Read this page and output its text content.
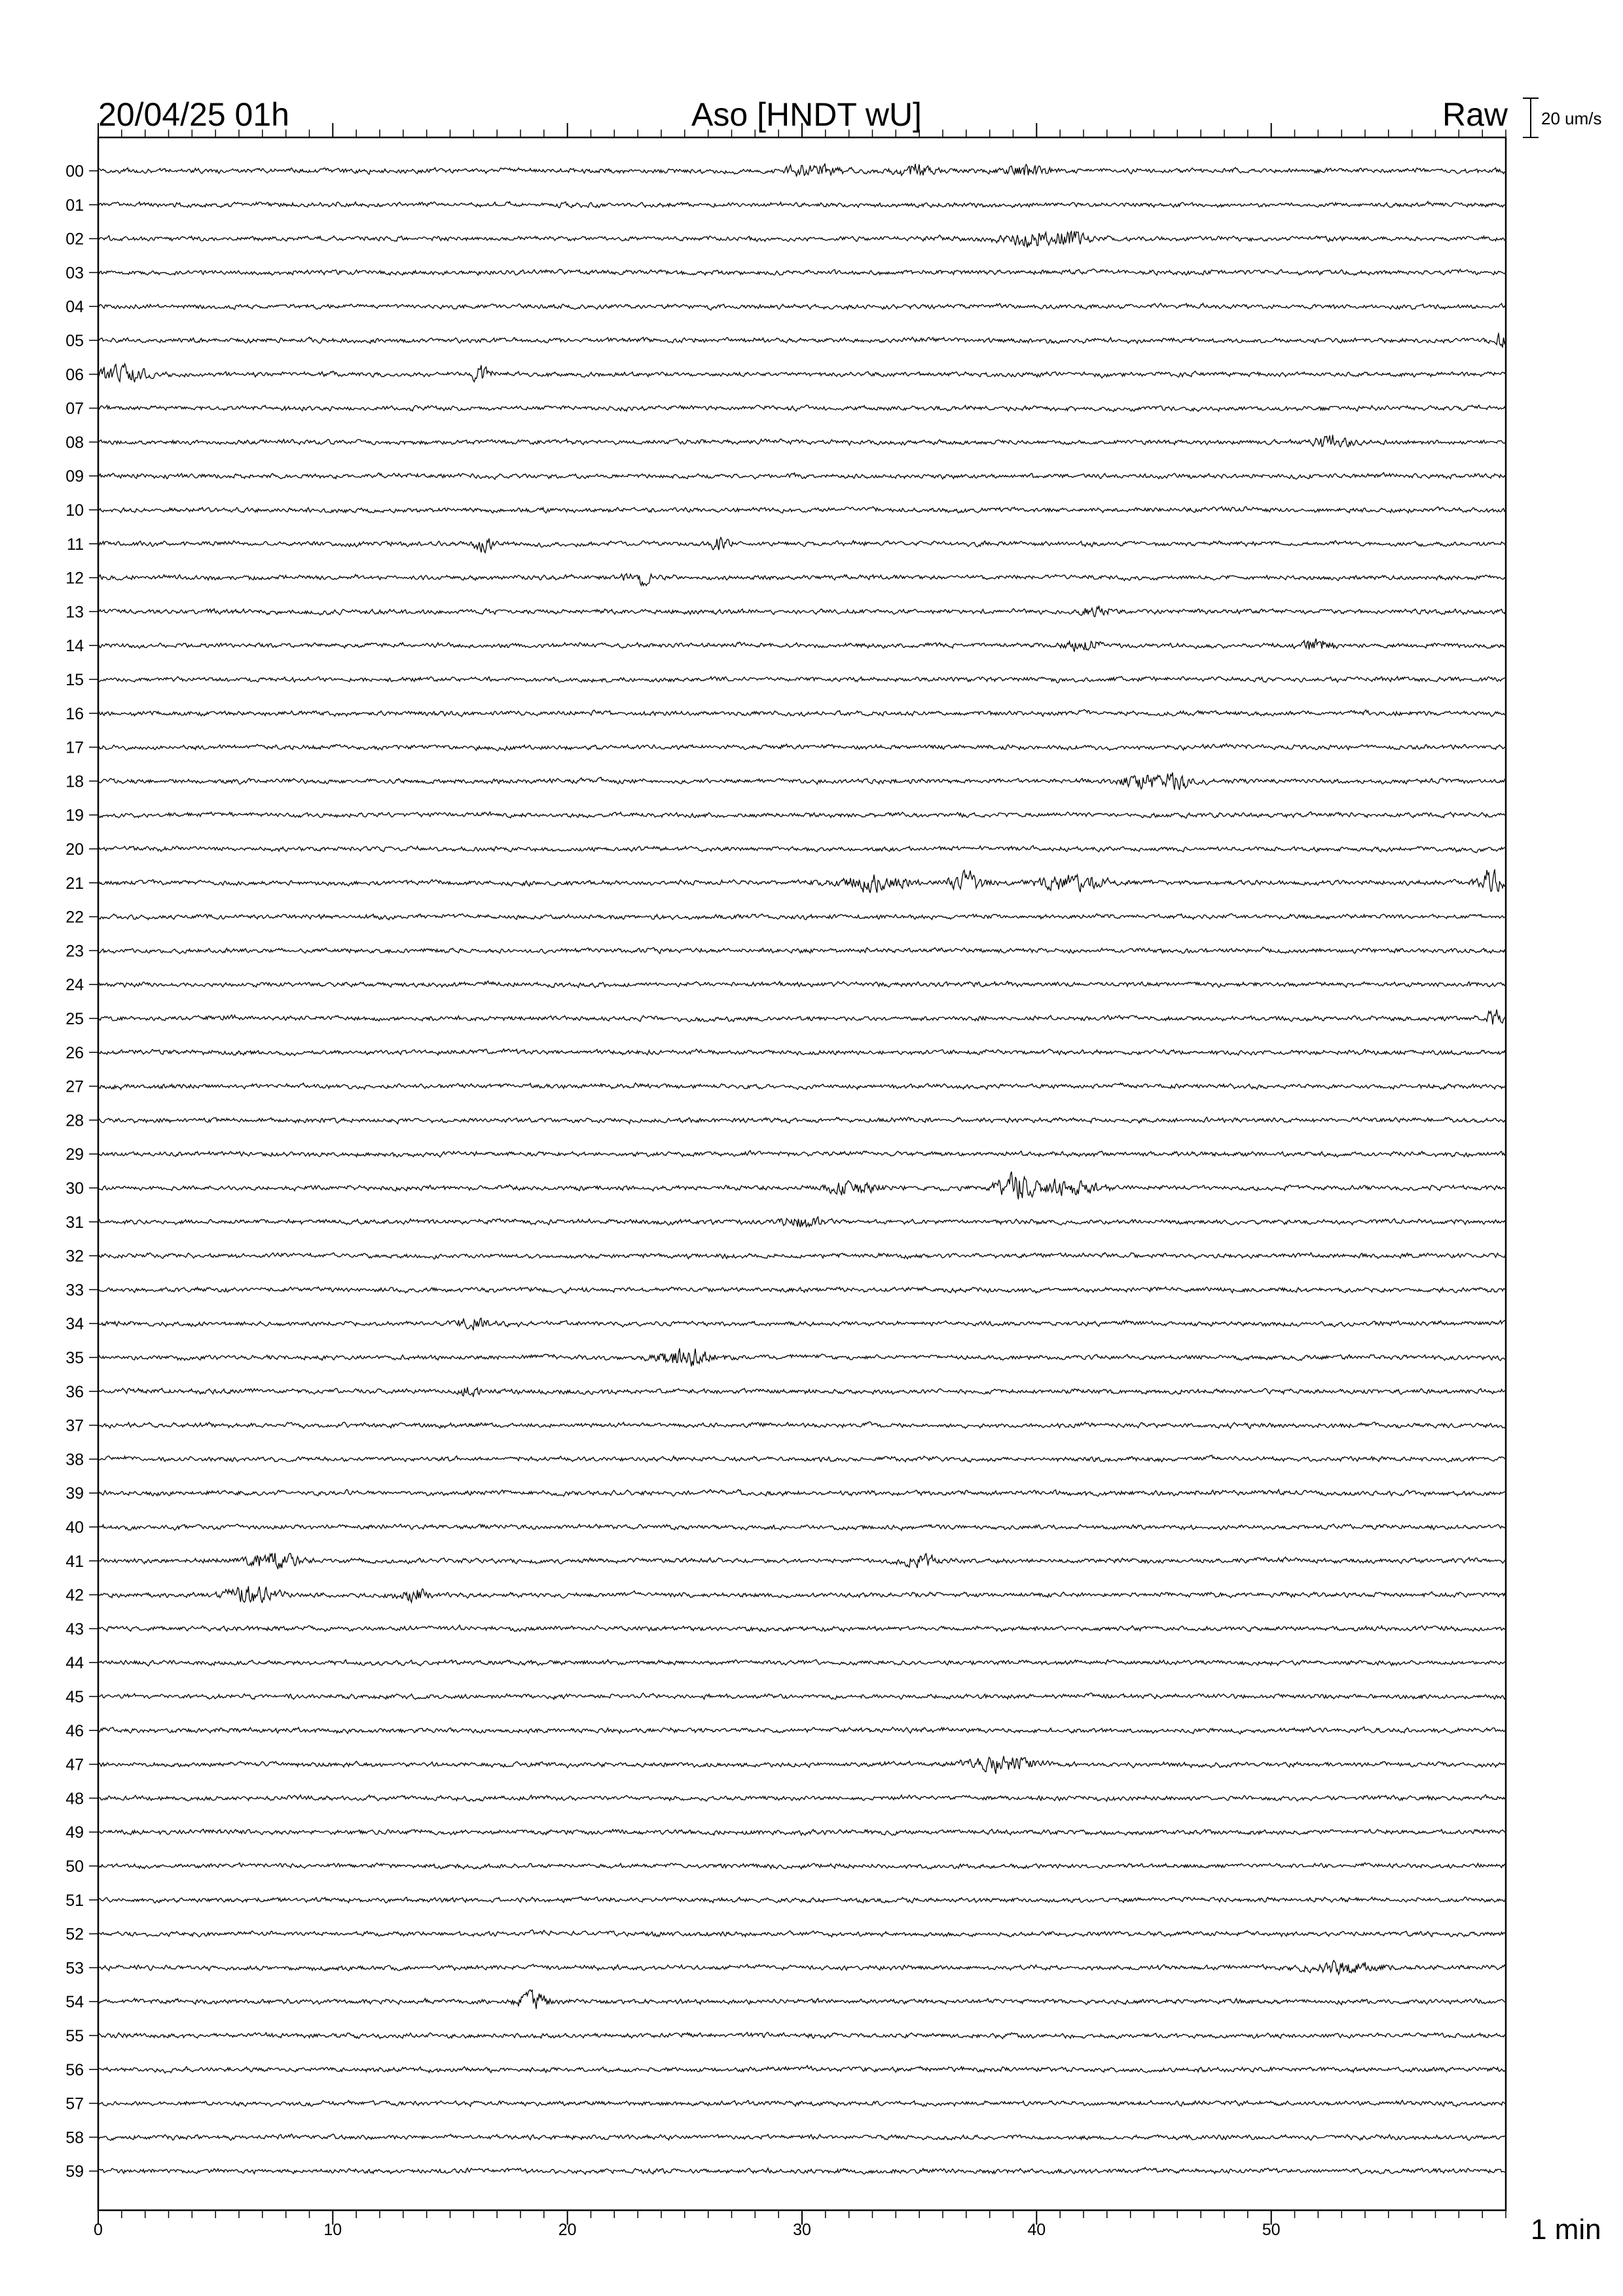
00
01
02
03
04
05
06
07
08
09
10
11
12
13
14
15
16
17
18
19
20
21
22
23
24
25
26
27
28
29
30
31
32
33
34
35
36
37
38
39
40
41
42
43
44
45
46
47
48
49
50
51
52
53
54
55
56
57
58
59
0	10	20	30	40	50
20/04/25 01h	Aso [HNDT wU]	Raw 20 um/s
1 min
